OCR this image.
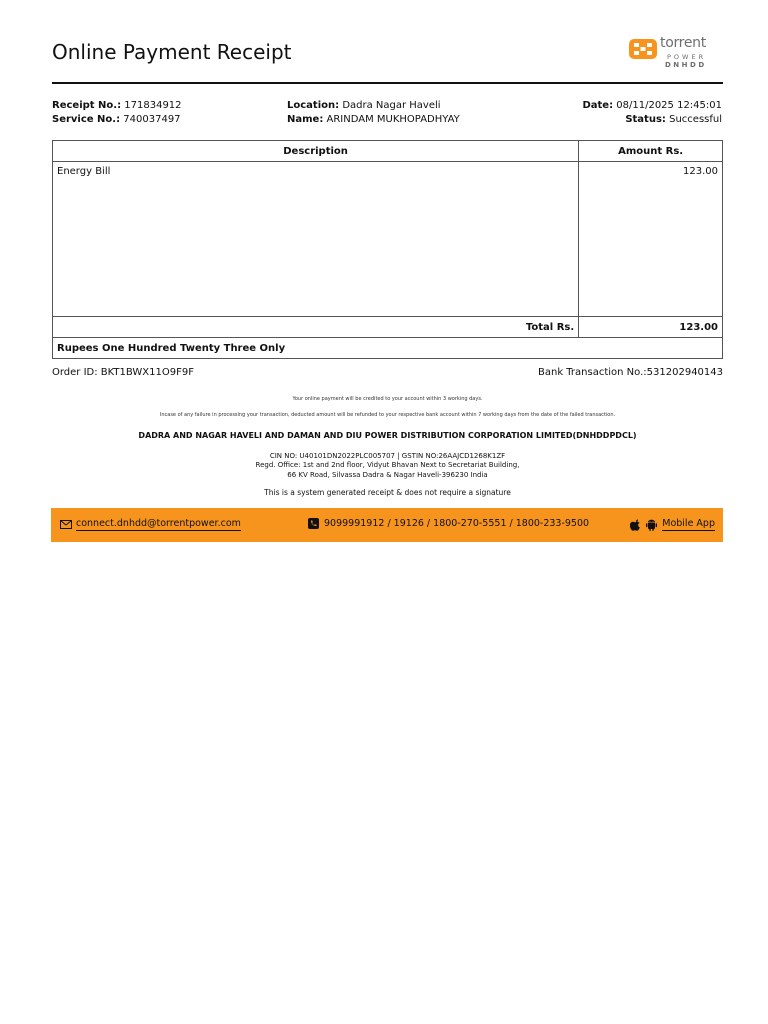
Online Payment Receipt	torrent
POWER
DNHDD
Receipt No.: 171834912
Service No.: 740037497
Location: Dadra Nagar Haveli
Name: ARINDAM MUKHOPADHYAY
Date: 08/11/2025 12:45:01
Status: Successful
Description	Amount Rs.
Energy Bill	123.00
Total Rs.	123.00
Rupees One Hundred Twenty Three Only	
Order ID: BKT1BWX11O9F9F	Bank Transaction No.:531202940143
Your online payment will be credited to your account within 3 working days.
Incase of any failure in processing your transaction, deducted amount will be refunded to your respective bank account within 7 working days from the date of the failed transaction.
DADRA AND NAGAR HAVELI AND DAMAN AND DIU POWER DISTRIBUTION CORPORATION LIMITED(DNHDDPDCL)
CIN NO: U40101DN2022PLC005707 | GSTIN NO:26AAJCD1268K1ZF
Regd. Office: 1st and 2nd floor, Vidyut Bhavan Next to Secretariat Building,
66 KV Road, Silvassa Dadra & Nagar Haveli-396230 India
This is a system generated receipt & does not require a signature
connect.dnhdd@torrentpower.com	9099991912 / 19126 / 1800-270-5551 / 1800-233-9500	Mobile App
